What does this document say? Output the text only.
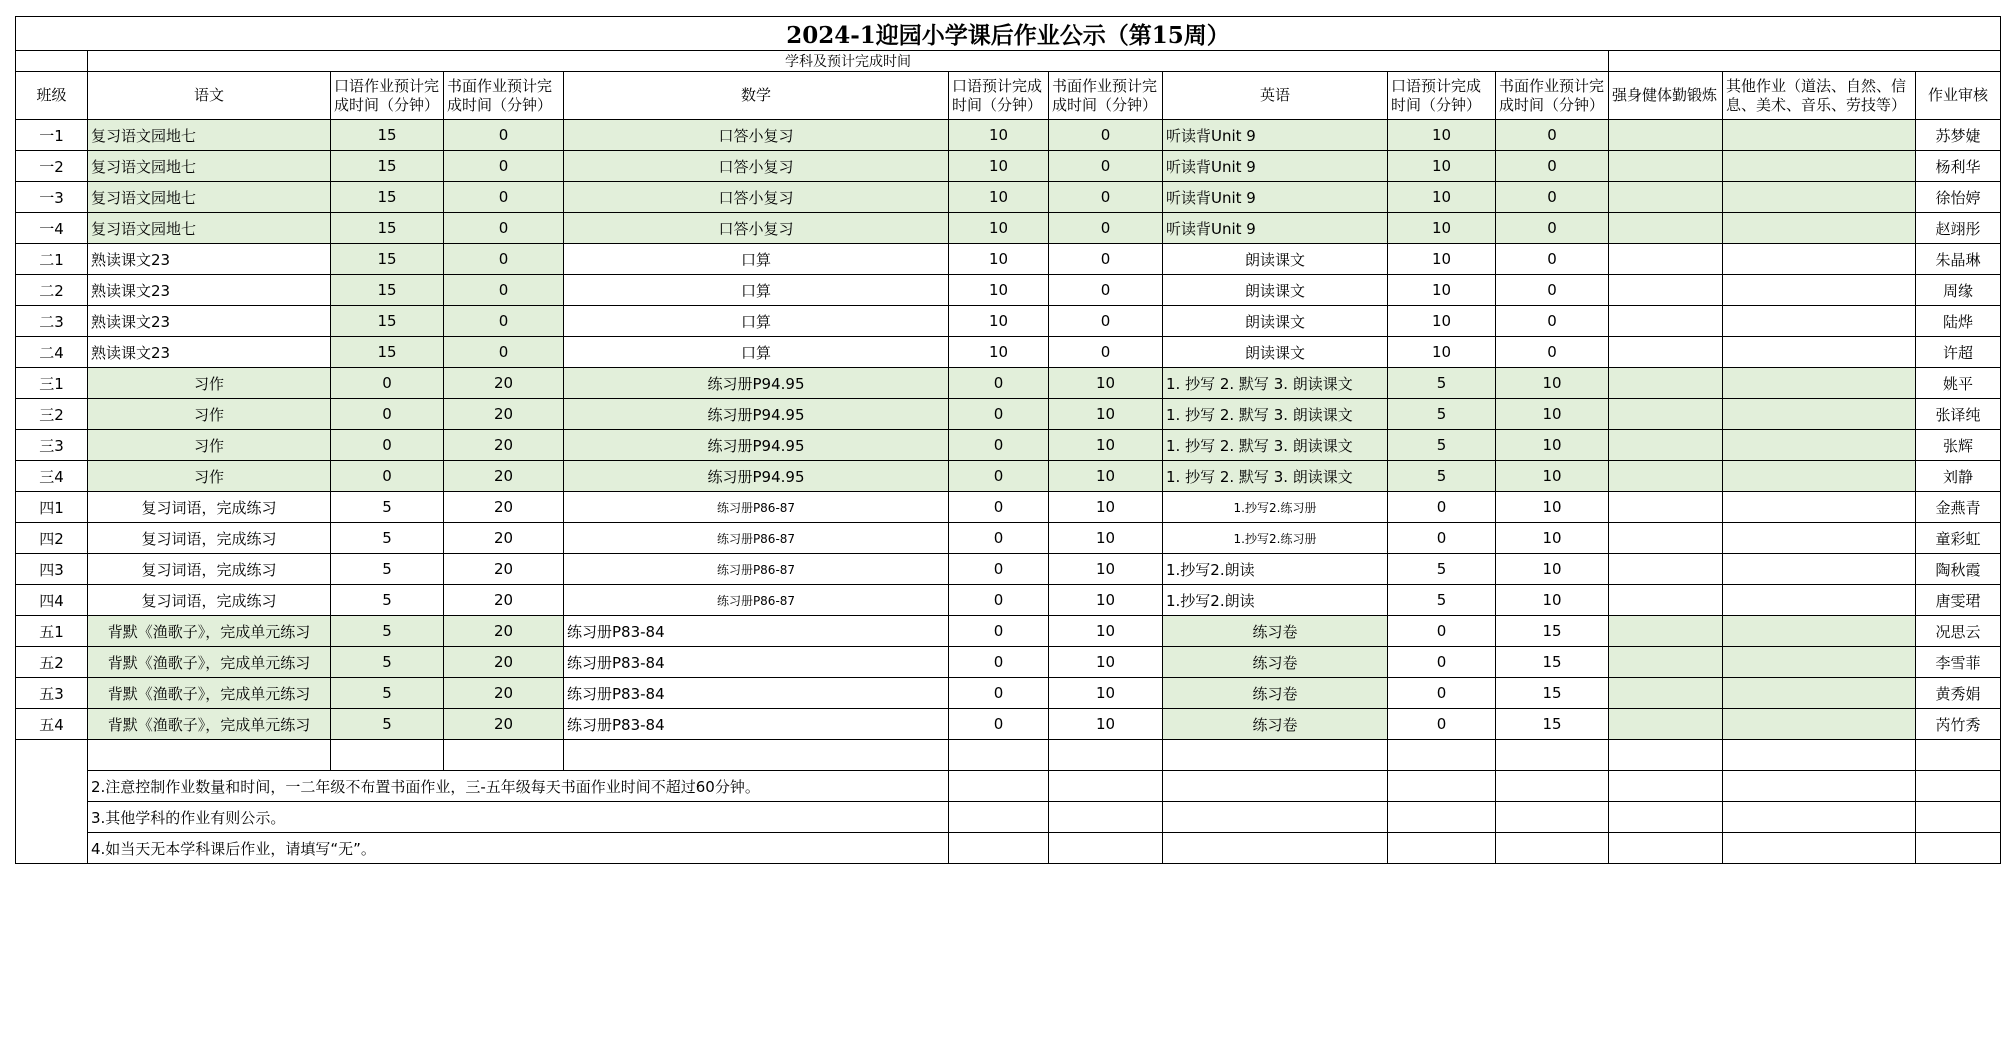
2024-1迎园小学课后作业公示（第15周）												
	学科及预计完成时间											
班级	语文	口语作业预计完成时间（分钟）	书面作业预计完成时间（分钟）	数学	口语预计完成时间（分钟）	书面作业预计完成时间（分钟）	英语	口语预计完成时间（分钟）	书面作业预计完成时间（分钟）	强身健体勤锻炼	其他作业（道法、自然、信息、美术、音乐、劳技等）	作业审核
一1	复习语文园地七	15	0	口答小复习	10	0	听读背Unit 9	10	0			苏梦婕
一2	复习语文园地七	15	0	口答小复习	10	0	听读背Unit 9	10	0			杨利华
一3	复习语文园地七	15	0	口答小复习	10	0	听读背Unit 9	10	0			徐怡婷
一4	复习语文园地七	15	0	口答小复习	10	0	听读背Unit 9	10	0			赵翊彤
二1	熟读课文23	15	0	口算	10	0	朗读课文	10	0			朱晶琳
二2	熟读课文23	15	0	口算	10	0	朗读课文	10	0			周缘
二3	熟读课文23	15	0	口算	10	0	朗读课文	10	0			陆烨
二4	熟读课文23	15	0	口算	10	0	朗读课文	10	0			许超
三1	习作	0	20	练习册P94.95	0	10	1. 抄写 2. 默写 3. 朗读课文	5	10			姚平
三2	习作	0	20	练习册P94.95	0	10	1. 抄写 2. 默写 3. 朗读课文	5	10			张译纯
三3	习作	0	20	练习册P94.95	0	10	1. 抄写 2. 默写 3. 朗读课文	5	10			张辉
三4	习作	0	20	练习册P94.95	0	10	1. 抄写 2. 默写 3. 朗读课文	5	10			刘静
四1	复习词语，完成练习	5	20	练习册P86-87	0	10	1.抄写2.练习册	0	10			金燕青
四2	复习词语，完成练习	5	20	练习册P86-87	0	10	1.抄写2.练习册	0	10			童彩虹
四3	复习词语，完成练习	5	20	练习册P86-87	0	10	1.抄写2.朗读	5	10			陶秋霞
四4	复习词语，完成练习	5	20	练习册P86-87	0	10	1.抄写2.朗读	5	10			唐雯珺
五1	背默《渔歌子》，完成单元练习	5	20	练习册P83-84	0	10	练习卷	0	15			况思云
五2	背默《渔歌子》，完成单元练习	5	20	练习册P83-84	0	10	练习卷	0	15			李雪菲
五3	背默《渔歌子》，完成单元练习	5	20	练习册P83-84	0	10	练习卷	0	15			黄秀娟
五4	背默《渔歌子》，完成单元练习	5	20	练习册P83-84	0	10	练习卷	0	15			芮竹秀

	2.注意控制作业数量和时间，一二年级不布置书面作业，三-五年级每天书面作业时间不超过60分钟。											
	3.其他学科的作业有则公示。											
	4.如当天无本学科课后作业，请填写“无”。											
